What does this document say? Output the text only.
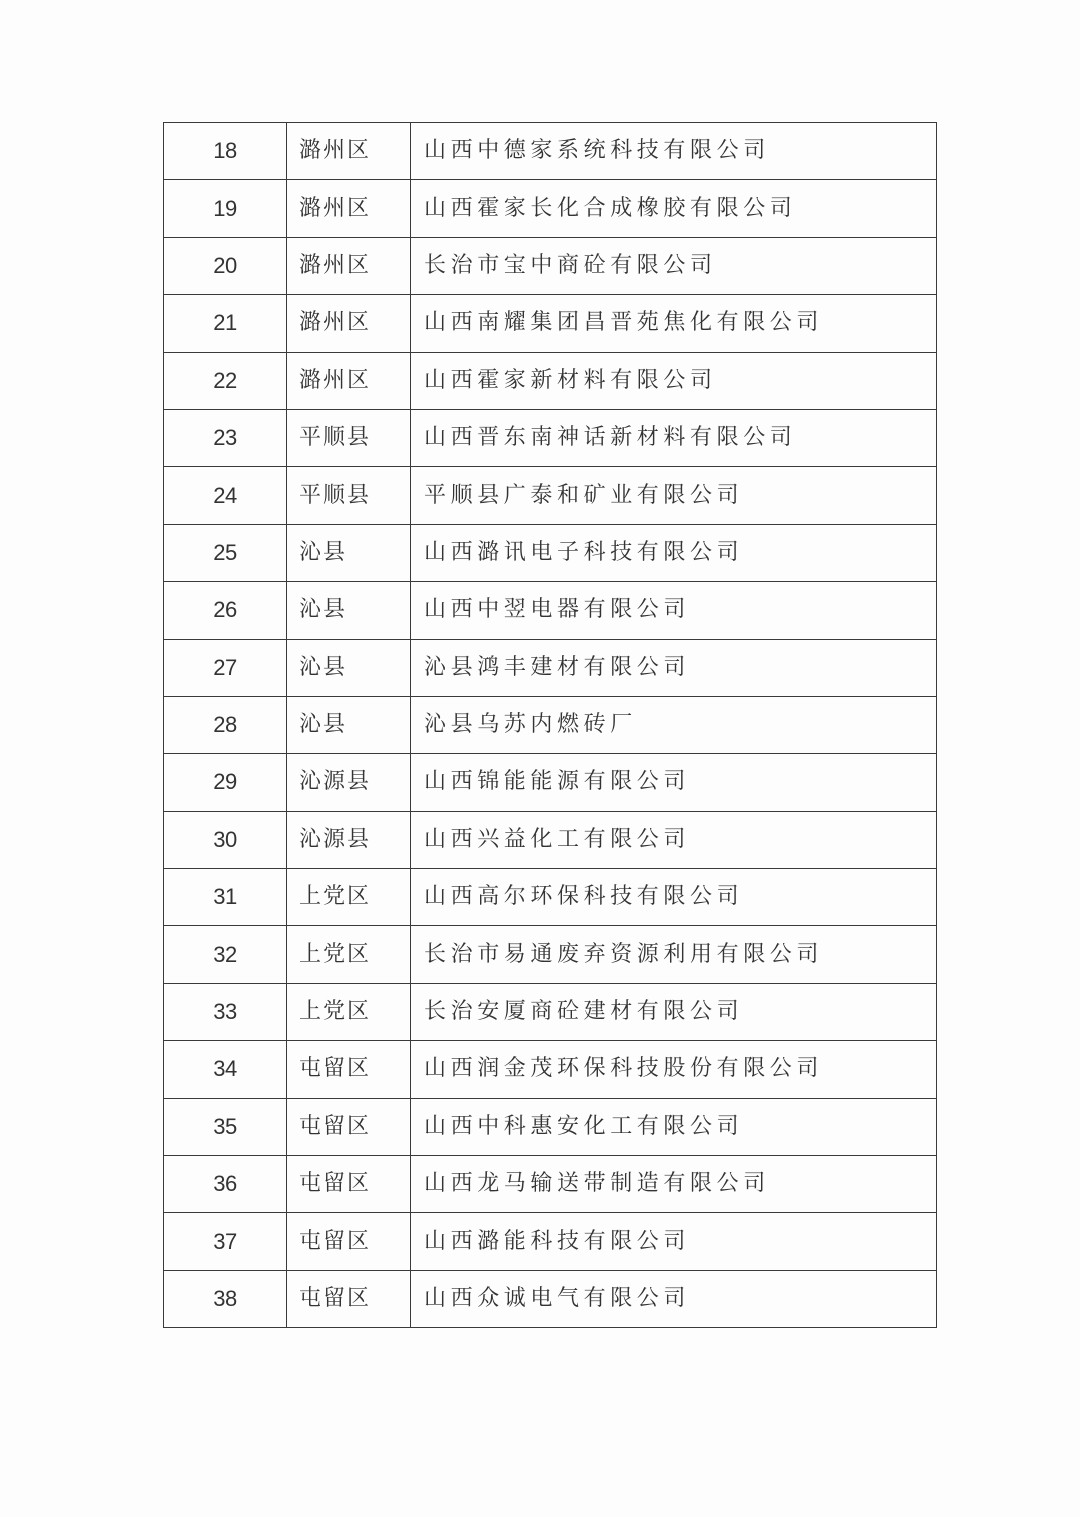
18	潞州区	山西中德家系统科技有限公司
19	潞州区	山西霍家长化合成橡胶有限公司
20	潞州区	长治市宝中商砼有限公司
21	潞州区	山西南耀集团昌晋苑焦化有限公司
22	潞州区	山西霍家新材料有限公司
23	平顺县	山西晋东南神话新材料有限公司
24	平顺县	平顺县广泰和矿业有限公司
25	沁县	山西潞讯电子科技有限公司
26	沁县	山西中翌电器有限公司
27	沁县	沁县鸿丰建材有限公司
28	沁县	沁县乌苏内燃砖厂
29	沁源县	山西锦能能源有限公司
30	沁源县	山西兴益化工有限公司
31	上党区	山西高尔环保科技有限公司
32	上党区	长治市易通废弃资源利用有限公司
33	上党区	长治安厦商砼建材有限公司
34	屯留区	山西润金茂环保科技股份有限公司
35	屯留区	山西中科惠安化工有限公司
36	屯留区	山西龙马输送带制造有限公司
37	屯留区	山西潞能科技有限公司
38	屯留区	山西众诚电气有限公司
